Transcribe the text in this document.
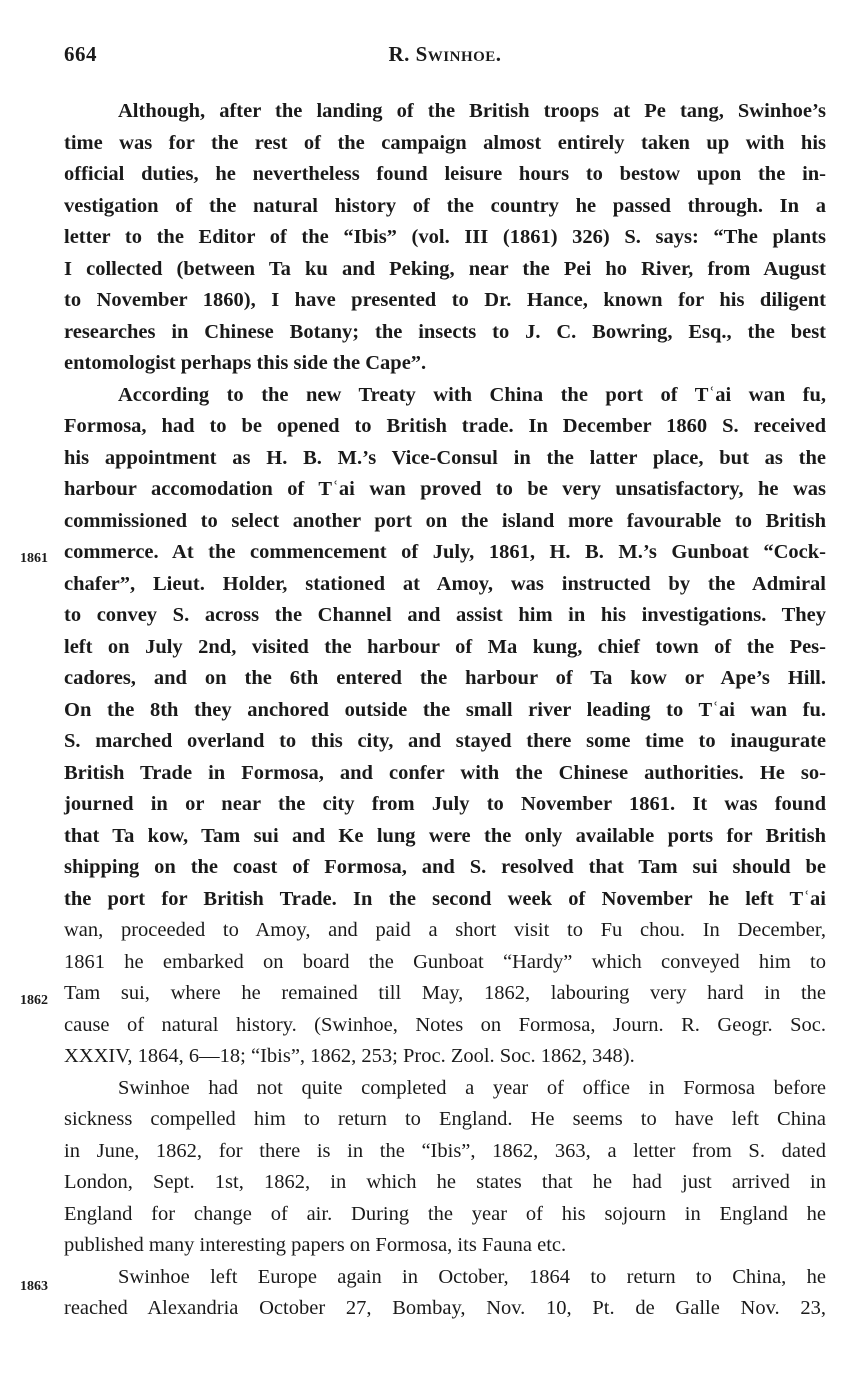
664	R. Swinhoe.
1861
1862
1863
Although, after the landing of the British troops at Pe tang, Swinhoe’s
time was for the rest of the campaign almost entirely taken up with his
official duties, he nevertheless found leisure hours to bestow upon the in-
vestigation of the natural history of the country he passed through. In a
letter to the Editor of the “Ibis” (vol. III (1861) 326) S. says: “The plants
I collected (between Ta ku and Peking, near the Pei ho River, from August
to November 1860), I have presented to Dr. Hance, known for his diligent
researches in Chinese Botany; the insects to J. C. Bowring, Esq., the best
entomologist perhaps this side the Cape”.
According to the new Treaty with China the port of Tʿai wan fu,
Formosa, had to be opened to British trade. In December 1860 S. received
his appointment as H. B. M.’s Vice-Consul in the latter place, but as the
harbour accomodation of Tʿai wan proved to be very unsatisfactory, he was
commissioned to select another port on the island more favourable to British
commerce. At the commencement of July, 1861, H. B. M.’s Gunboat “Cock-
chafer”, Lieut. Holder, stationed at Amoy, was instructed by the Admiral
to convey S. across the Channel and assist him in his investigations. They
left on July 2nd, visited the harbour of Ma kung, chief town of the Pes-
cadores, and on the 6th entered the harbour of Ta kow or Ape’s Hill.
On the 8th they anchored outside the small river leading to Tʿai wan fu.
S. marched overland to this city, and stayed there some time to inaugurate
British Trade in Formosa, and confer with the Chinese authorities. He so-
journed in or near the city from July to November 1861. It was found
that Ta kow, Tam sui and Ke lung were the only available ports for British
shipping on the coast of Formosa, and S. resolved that Tam sui should be
the port for British Trade. In the second week of November he left Tʿai
wan, proceeded to Amoy, and paid a short visit to Fu chou. In December,
1861 he embarked on board the Gunboat “Hardy” which conveyed him to
Tam sui, where he remained till May, 1862, labouring very hard in the
cause of natural history. (Swinhoe, Notes on Formosa, Journ. R. Geogr. Soc.
XXXIV, 1864, 6—18; “Ibis”, 1862, 253; Proc. Zool. Soc. 1862, 348).
Swinhoe had not quite completed a year of office in Formosa before
sickness compelled him to return to England. He seems to have left China
in June, 1862, for there is in the “Ibis”, 1862, 363, a letter from S. dated
London, Sept. 1st, 1862, in which he states that he had just arrived in
England for change of air. During the year of his sojourn in England he
published many interesting papers on Formosa, its Fauna etc.
Swinhoe left Europe again in October, 1864 to return to China, he
reached Alexandria October 27, Bombay, Nov. 10, Pt. de Galle Nov. 23,
